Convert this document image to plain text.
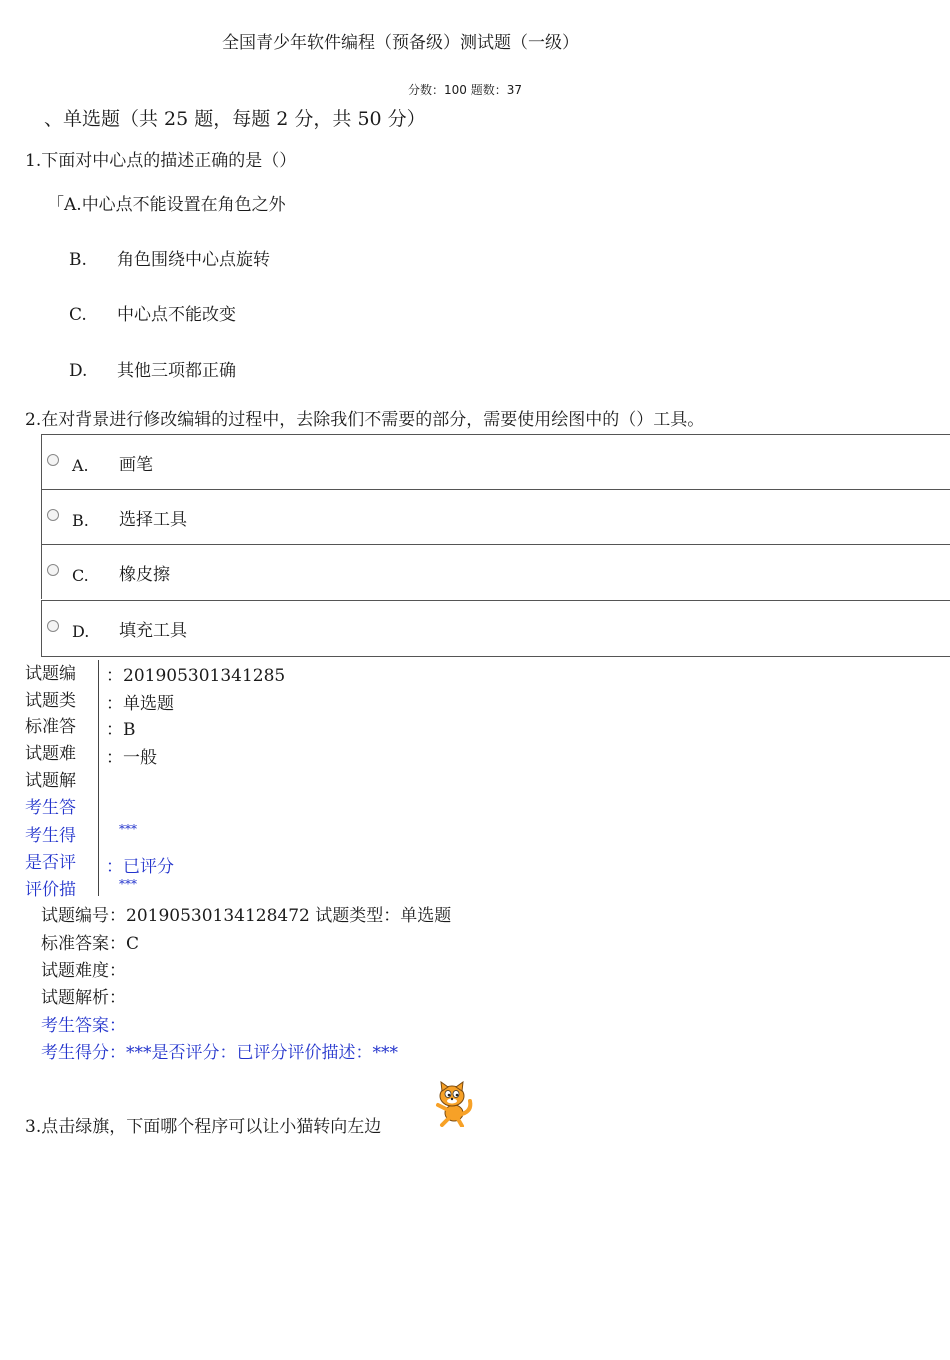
全国青少年软件编程（预备级）测试题（一级）
分数：100 题数：37
、单选题（共 25 题，每题 2 分，共 50 分）
1.下面对中心点的描述正确的是（）
「A.中心点不能设置在角色之外
B. 角色围绕中心点旋转
C. 中心点不能改变
D. 其他三项都正确
2.在对背景进行修改编辑的过程中，去除我们不需要的部分，需要使用绘图中的（）工具。
A. 画笔
B. 选择工具
C. 橡皮擦
D. 填充工具
试题编
试题类
标准答
试题难
试题解
考生答
考生得
是否评
评价描
：201905301341285
：单选题
：B
：一般
***
：已评分
***
试题编号：20190530134128472 试题类型：单选题
标准答案：C
试题难度：
试题解析：
考生答案：
考生得分：***是否评分：已评分评价描述：***
3.点击绿旗，下面哪个程序可以让小猫转向左边
